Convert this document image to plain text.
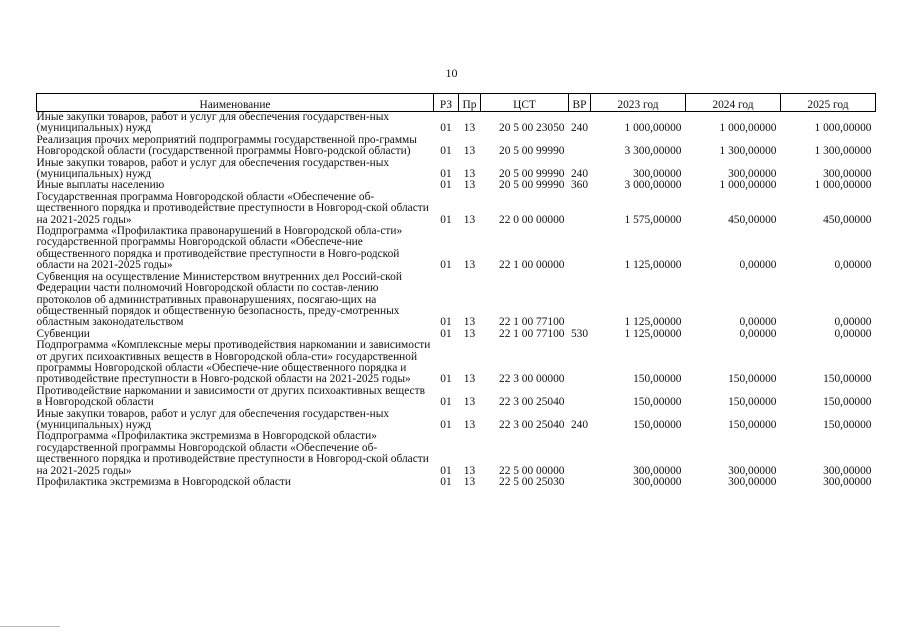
10
Наименование	РЗ	Пр	ЦСТ	ВР	2023 год	2024 год	2025 год
Иные закупки товаров, работ и услуг для обеспечения государствен-ных (муниципальных) нужд	01	13	20 5 00 23050	240	1 000,00000	1 000,00000	1 000,00000
Реализация прочих мероприятий подпрограммы государственной про-граммы Новгородской области (государственной программы Новго-родской области)	01	13	20 5 00 99990		3 300,00000	1 300,00000	1 300,00000
Иные закупки товаров, работ и услуг для обеспечения государствен-ных (муниципальных) нужд	01	13	20 5 00 99990	240	300,00000	300,00000	300,00000
Иные выплаты населению	01	13	20 5 00 99990	360	3 000,00000	1 000,00000	1 000,00000
Государственная программа Новгородской области «Обеспечение об-щественного порядка и противодействие преступности в Новгород-ской области на 2021-2025 годы»	01	13	22 0 00 00000		1 575,00000	450,00000	450,00000
Подпрограмма «Профилактика правонарушений в Новгородской обла-сти» государственной программы Новгородской области «Обеспече-ние общественного порядка и противодействие преступности в Новго-родской области на 2021-2025 годы»	01	13	22 1 00 00000		1 125,00000	0,00000	0,00000
Субвенция на осуществление Министерством внутренних дел Россий-ской Федерации части полномочий Новгородской области по состав-лению протоколов об административных правонарушениях, посягаю-щих на общественный порядок и общественную безопасность, преду-смотренных областным законодательством	01	13	22 1 00 77100		1 125,00000	0,00000	0,00000
Субвенции	01	13	22 1 00 77100	530	1 125,00000	0,00000	0,00000
Подпрограмма «Комплексные меры противодействия наркомании и зависимости от других психоактивных веществ в Новгородской обла-сти» государственной программы Новгородской области «Обеспече-ние общественного порядка и противодействие преступности в Новго-родской области на 2021-2025 годы»	01	13	22 3 00 00000		150,00000	150,00000	150,00000
Противодействие наркомании и зависимости от других психоактивных веществ в Новгородской области	01	13	22 3 00 25040		150,00000	150,00000	150,00000
Иные закупки товаров, работ и услуг для обеспечения государствен-ных (муниципальных) нужд	01	13	22 3 00 25040	240	150,00000	150,00000	150,00000
Подпрограмма «Профилактика экстремизма в Новгородской области» государственной программы Новгородской области «Обеспечение об-щественного порядка и противодействие преступности в Новгород-ской области на 2021-2025 годы»	01	13	22 5 00 00000		300,00000	300,00000	300,00000
Профилактика экстремизма в Новгородской области	01	13	22 5 00 25030		300,00000	300,00000	300,00000
